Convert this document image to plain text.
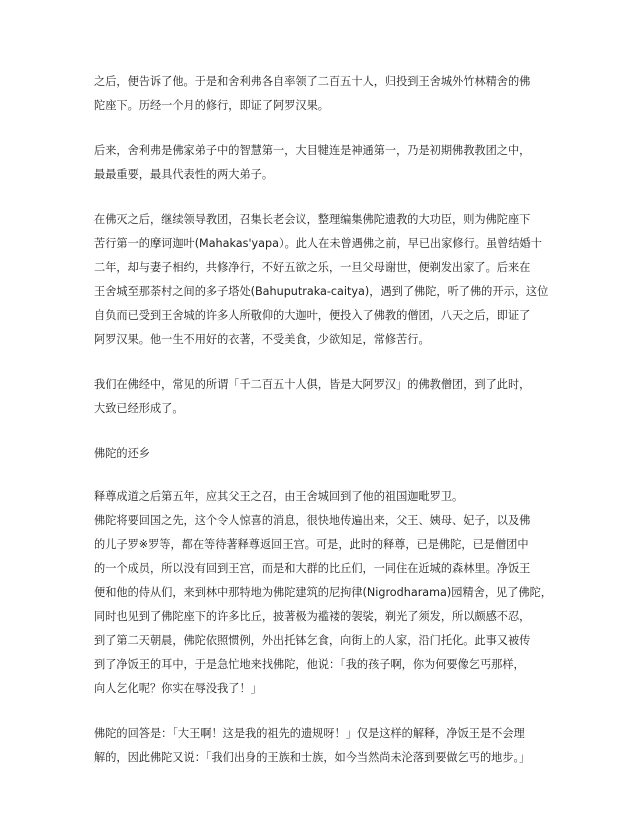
之后，便告诉了他。于是和舍利弗各自率领了二百五十人，归投到王舍城外竹林精舍的佛
陀座下。历经一个月的修行，即证了阿罗汉果。

后来，舍利弗是佛家弟子中的智慧第一，大目犍连是神通第一，乃是初期佛教教团之中，
最最重要，最具代表性的两大弟子。

在佛灭之后，继续领导教团，召集长老会议，整理编集佛陀遗教的大功臣，则为佛陀座下
苦行第一的摩诃迦叶(Mahakas'yapa）。此人在未曾遇佛之前，早已出家修行。虽曾结婚十
二年，却与妻子相约，共修净行，不好五欲之乐，一旦父母谢世，便剃发出家了。后来在
王舍城至那荼村之间的多子塔处(Bahuputraka-caitya)，遇到了佛陀，听了佛的开示，这位
自负而已受到王舍城的许多人所敬仰的大迦叶，便投入了佛教的僧团，八天之后，即证了
阿罗汉果。他一生不用好的衣著，不受美食，少欲知足，常修苦行。

我们在佛经中，常见的所谓「千二百五十人俱，皆是大阿罗汉」的佛教僧团，到了此时，
大致已经形成了。

佛陀的还乡

释尊成道之后第五年，应其父王之召，由王舍城回到了他的祖国迦毗罗卫。
佛陀将要回国之先，这个令人惊喜的消息，很快地传遍出来，父王、姨母、妃子，以及佛
的儿子罗※罗等，都在等待著释尊返回王宫。可是，此时的释尊，已是佛陀，已是僧团中
的一个成员，所以没有回到王宫，而是和大群的比丘们，一同住在近城的森林里。净饭王
便和他的侍从们，来到林中那特地为佛陀建筑的尼拘律(Nigrodharama)园精舍，见了佛陀，
同时也见到了佛陀座下的许多比丘，披著极为褴褛的袈裟，剃光了须发，所以颇感不忍，
到了第二天朝晨，佛陀依照惯例，外出托钵乞食，向街上的人家，沿门托化。此事又被传
到了净饭王的耳中，于是急忙地来找佛陀，他说：「我的孩子啊，你为何要像乞丐那样，
向人乞化呢？你实在辱没我了！」

佛陀的回答是：「大王啊！这是我的祖先的遗规呀！」仅是这样的解释，净饭王是不会理
解的，因此佛陀又说：「我们出身的王族和士族，如今当然尚未沦落到要做乞丐的地步。」
